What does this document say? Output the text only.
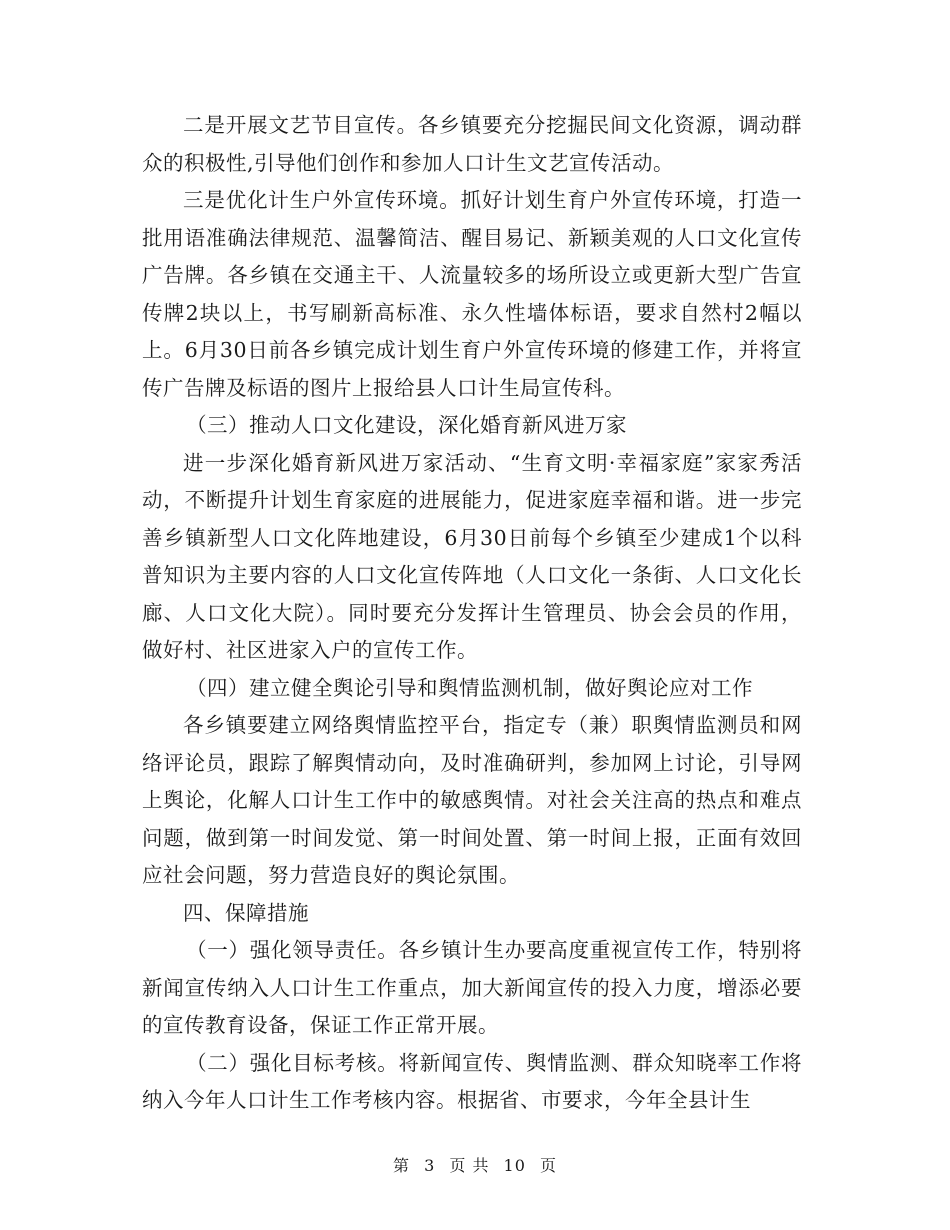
二是开展文艺节目宣传。各乡镇要充分挖掘民间文化资源，调动群众的积极性,引导他们创作和参加人口计生文艺宣传活动。

三是优化计生户外宣传环境。抓好计划生育户外宣传环境，打造一批用语准确法律规范、温馨简洁、醒目易记、新颖美观的人口文化宣传广告牌。各乡镇在交通主干、人流量较多的场所设立或更新大型广告宣传牌2块以上，书写刷新高标准、永久性墙体标语，要求自然村2幅以上。6月30日前各乡镇完成计划生育户外宣传环境的修建工作，并将宣传广告牌及标语的图片上报给县人口计生局宣传科。

（三）推动人口文化建设，深化婚育新风进万家

进一步深化婚育新风进万家活动、“生育文明·幸福家庭”家家秀活动，不断提升计划生育家庭的进展能力，促进家庭幸福和谐。进一步完善乡镇新型人口文化阵地建设，6月30日前每个乡镇至少建成1个以科普知识为主要内容的人口文化宣传阵地（人口文化一条街、人口文化长廊、人口文化大院）。同时要充分发挥计生管理员、协会会员的作用，做好村、社区进家入户的宣传工作。

（四）建立健全舆论引导和舆情监测机制，做好舆论应对工作

各乡镇要建立网络舆情监控平台，指定专（兼）职舆情监测员和网络评论员，跟踪了解舆情动向，及时准确研判，参加网上讨论，引导网上舆论，化解人口计生工作中的敏感舆情。对社会关注高的热点和难点问题，做到第一时间发觉、第一时间处置、第一时间上报，正面有效回应社会问题，努力营造良好的舆论氛围。

四、保障措施

（一）强化领导责任。各乡镇计生办要高度重视宣传工作，特别将新闻宣传纳入人口计生工作重点，加大新闻宣传的投入力度，增添必要的宣传教育设备，保证工作正常开展。

（二）强化目标考核。将新闻宣传、舆情监测、群众知晓率工作将纳入今年人口计生工作考核内容。根据省、市要求，今年全县计生

第 3 页 共 10 页
